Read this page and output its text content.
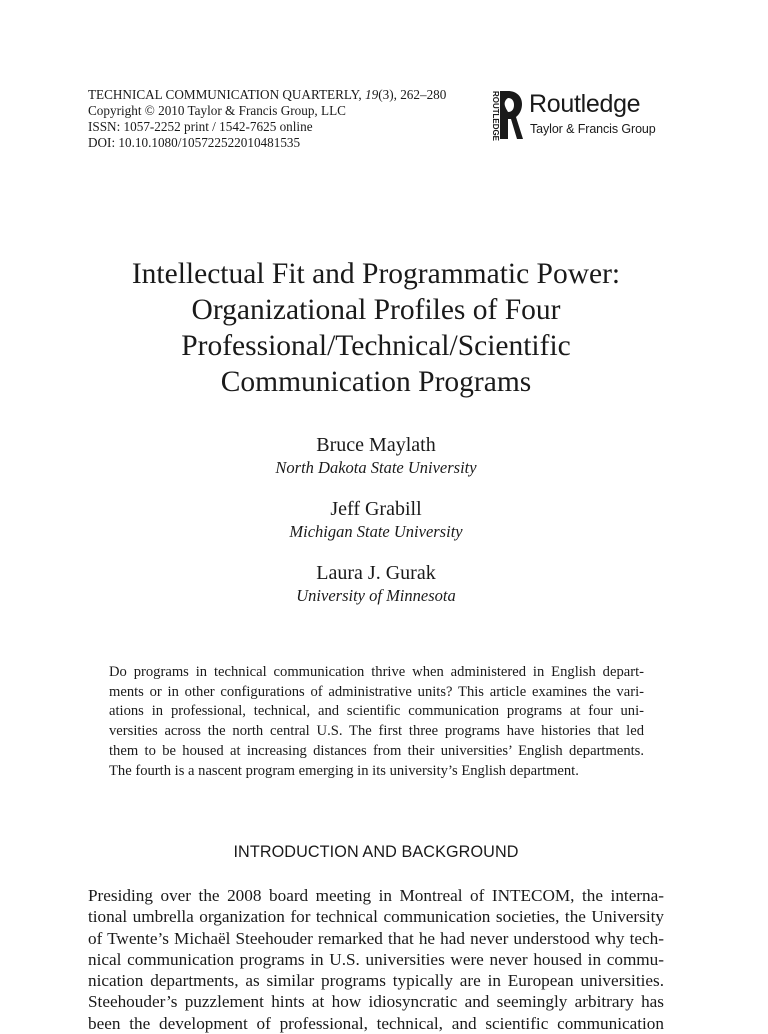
TECHNICAL COMMUNICATION QUARTERLY, 19(3), 262–280
Copyright © 2010 Taylor & Francis Group, LLC
ISSN: 1057-2252 print / 1542-7625 online
DOI: 10.10.1080/105722522010481535	ROUTLEDGE Routledge
Taylor & Francis Group
Intellectual Fit and Programmatic Power:
Organizational Profiles of Four
Professional/Technical/Scientific
Communication Programs
Bruce Maylath
North Dakota State University
Jeff Grabill
Michigan State University
Laura J. Gurak
University of Minnesota
Do programs in technical communication thrive when administered in English depart-
ments or in other configurations of administrative units? This article examines the vari-
ations in professional, technical, and scientific communication programs at four uni-
versities across the north central U.S. The first three programs have histories that led
them to be housed at increasing distances from their universities’ English departments.
The fourth is a nascent program emerging in its university’s English department.
INTRODUCTION AND BACKGROUND
Presiding over the 2008 board meeting in Montreal of INTECOM, the interna-
tional umbrella organization for technical communication societies, the University
of Twente’s Michaël Steehouder remarked that he had never understood why tech-
nical communication programs in U.S. universities were never housed in commu-
nication departments, as similar programs typically are in European universities.
Steehouder’s puzzlement hints at how idiosyncratic and seemingly arbitrary has
been the development of professional, technical, and scientific communication
